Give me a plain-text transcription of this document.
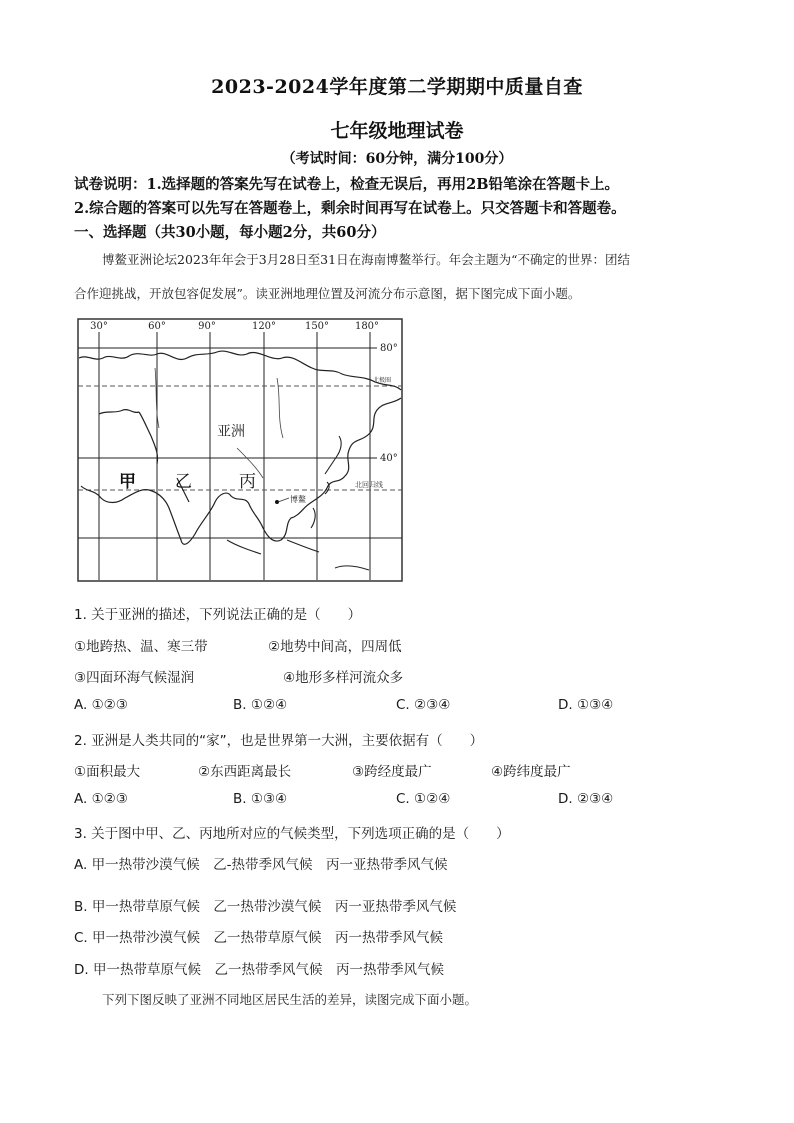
2023-2024学年度第二学期期中质量自查
七年级地理试卷
（考试时间：60分钟，满分100分）
试卷说明：1.选择题的答案先写在试卷上，检查无误后，再用2B铅笔涂在答题卡上。
2.综合题的答案可以先写在答题卷上，剩余时间再写在试卷上。只交答题卡和答题卷。
一、选择题（共30小题，每小题2分，共60分）
博鳌亚洲论坛2023年年会于3月28日至31日在海南博鳌举行。年会主题为“不确定的世界：团结
合作迎挑战，开放包容促发展”。读亚洲地理位置及河流分布示意图，据下图完成下面小题。
30°	60°	90°	120°	150°	180°
80°
40°
北极圈
北回归线
亚洲
甲 乙	丙
博鳌
1. 关于亚洲的描述，下列说法正确的是（　　）
①地跨热、温、寒三带	②地势中间高，四周低
③四面环海气候湿润	④地形多样河流众多
A. ①②③	B. ①②④	C. ②③④	D. ①③④
2. 亚洲是人类共同的“家”，也是世界第一大洲，主要依据有（　　）
①面积最大	②东西距离最长	③跨经度最广	④跨纬度最广
A. ①②③	B. ①③④	C. ①②④	D. ②③④
3. 关于图中甲、乙、丙地所对应的气候类型，下列选项正确的是（　　）
A. 甲一热带沙漠气候　乙-热带季风气候　丙一亚热带季风气候
B. 甲一热带草原气候　乙一热带沙漠气候　丙一亚热带季风气候
C. 甲一热带沙漠气候　乙一热带草原气候　丙一热带季风气候
D. 甲一热带草原气候　乙一热带季风气候　丙一热带季风气候
下列下图反映了亚洲不同地区居民生活的差异，读图完成下面小题。
